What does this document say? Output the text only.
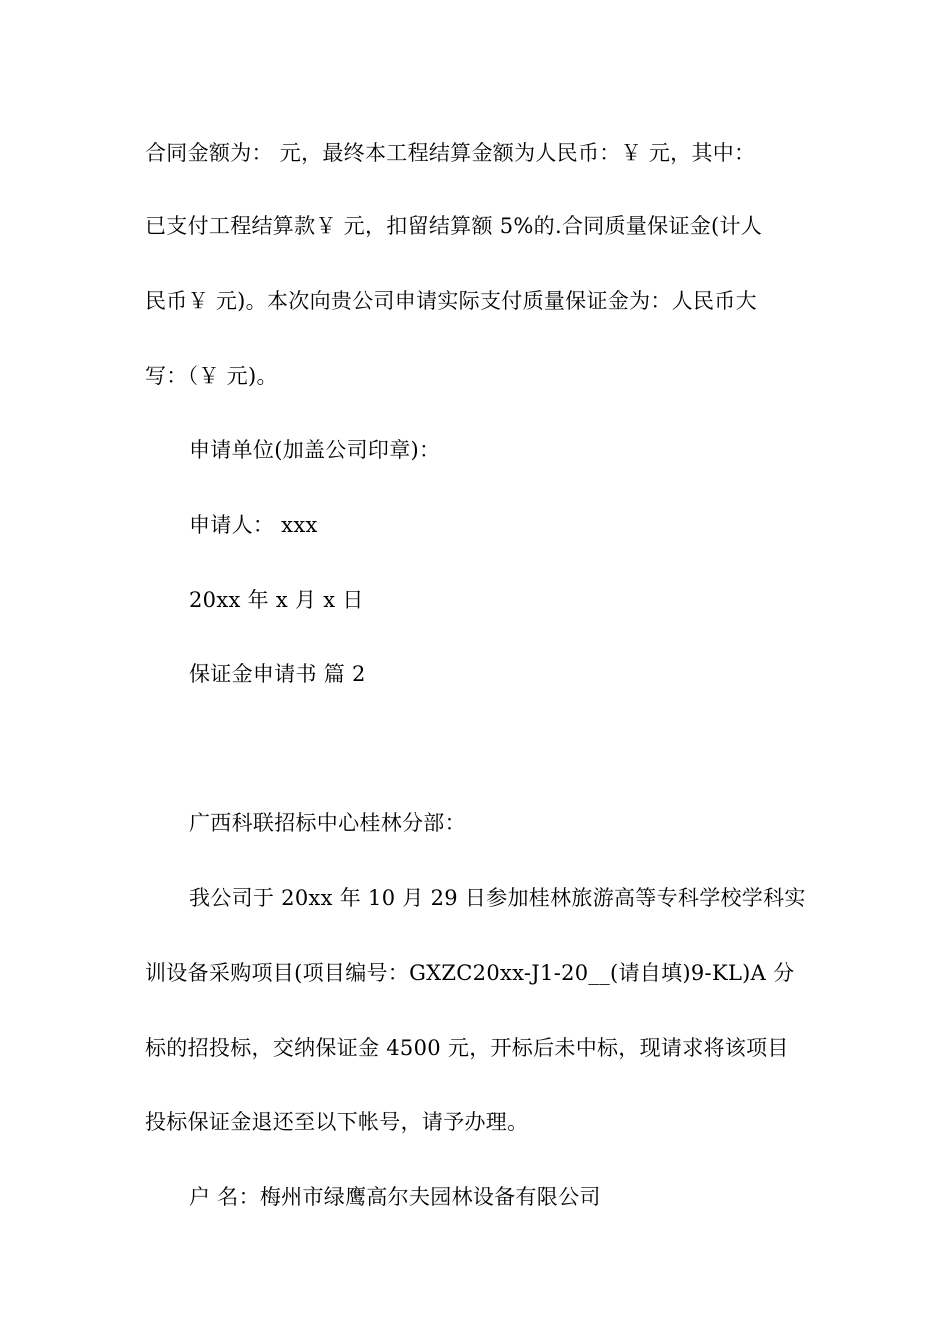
合同金额为： 元，最终本工程结算金额为人民币：￥ 元，其中：
已支付工程结算款￥ 元，扣留结算额 5%的.合同质量保证金(计人
民币￥ 元)。本次向贵公司申请实际支付质量保证金为：人民币大
写：（￥ 元)。
申请单位(加盖公司印章)：
申请人： xxx
20xx 年 x 月 x 日
保证金申请书 篇 2
广西科联招标中心桂林分部：
我公司于 20xx 年 10 月 29 日参加桂林旅游高等专科学校学科实
训设备采购项目(项目编号：GXZC20xx-J1-20__(请自填)9-KL)A 分
标的招投标，交纳保证金 4500 元，开标后未中标，现请求将该项目
投标保证金退还至以下帐号，请予办理。
户 名：梅州市绿鹰高尔夫园林设备有限公司
